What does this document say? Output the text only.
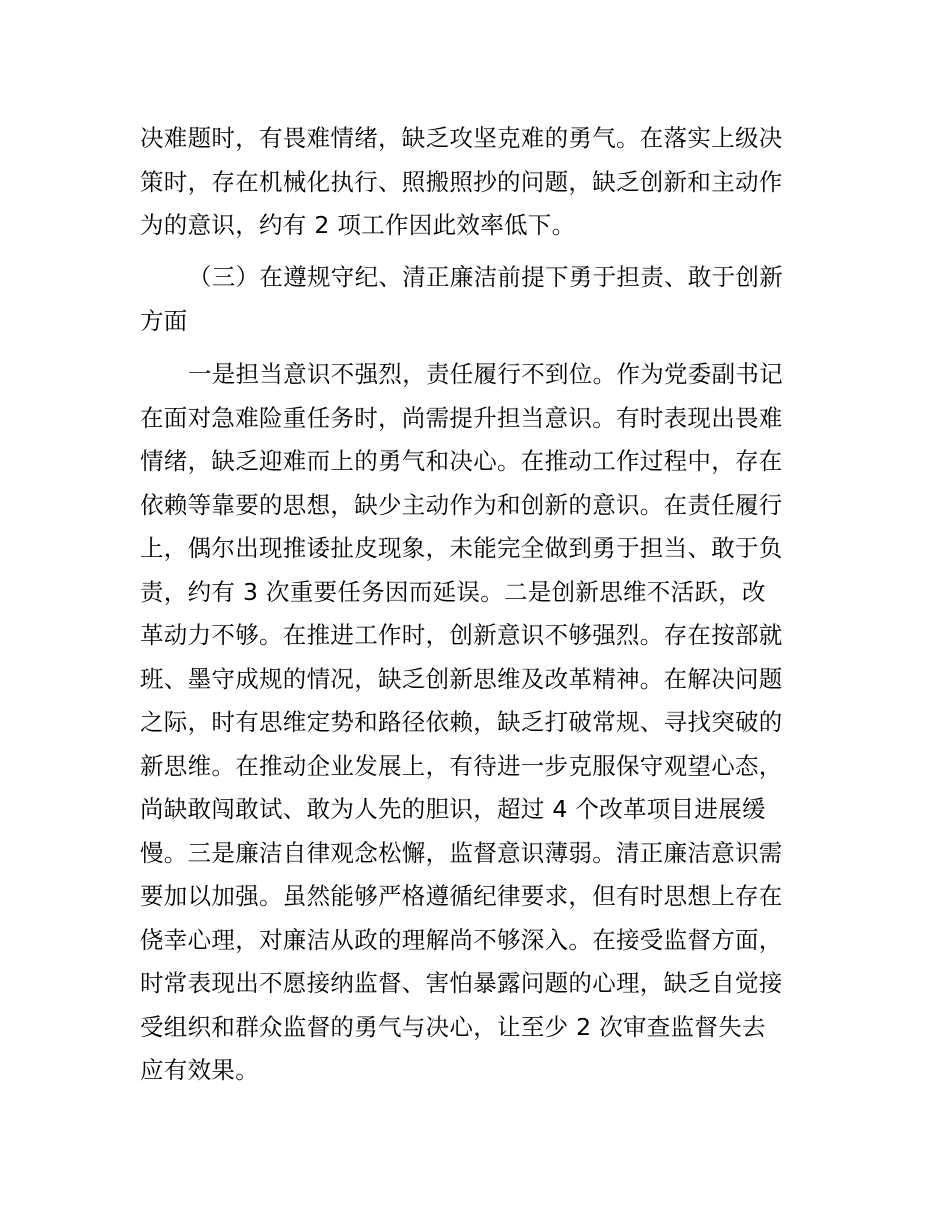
决难题时，有畏难情绪，缺乏攻坚克难的勇气。在落实上级决
策时，存在机械化执行、照搬照抄的问题，缺乏创新和主动作
为的意识，约有 2 项工作因此效率低下。
（三）在遵规守纪、清正廉洁前提下勇于担责、敢于创新
方面
一是担当意识不强烈，责任履行不到位。作为党委副书记
在面对急难险重任务时，尚需提升担当意识。有时表现出畏难
情绪，缺乏迎难而上的勇气和决心。在推动工作过程中，存在
依赖等靠要的思想，缺少主动作为和创新的意识。在责任履行
上，偶尔出现推诿扯皮现象，未能完全做到勇于担当、敢于负
责，约有 3 次重要任务因而延误。二是创新思维不活跃，改
革动力不够。在推进工作时，创新意识不够强烈。存在按部就
班、墨守成规的情况，缺乏创新思维及改革精神。在解决问题
之际，时有思维定势和路径依赖，缺乏打破常规、寻找突破的
新思维。在推动企业发展上，有待进一步克服保守观望心态，
尚缺敢闯敢试、敢为人先的胆识，超过 4 个改革项目进展缓
慢。三是廉洁自律观念松懈，监督意识薄弱。清正廉洁意识需
要加以加强。虽然能够严格遵循纪律要求，但有时思想上存在
侥幸心理，对廉洁从政的理解尚不够深入。在接受监督方面，
时常表现出不愿接纳监督、害怕暴露问题的心理，缺乏自觉接
受组织和群众监督的勇气与决心，让至少 2 次审查监督失去
应有效果。
